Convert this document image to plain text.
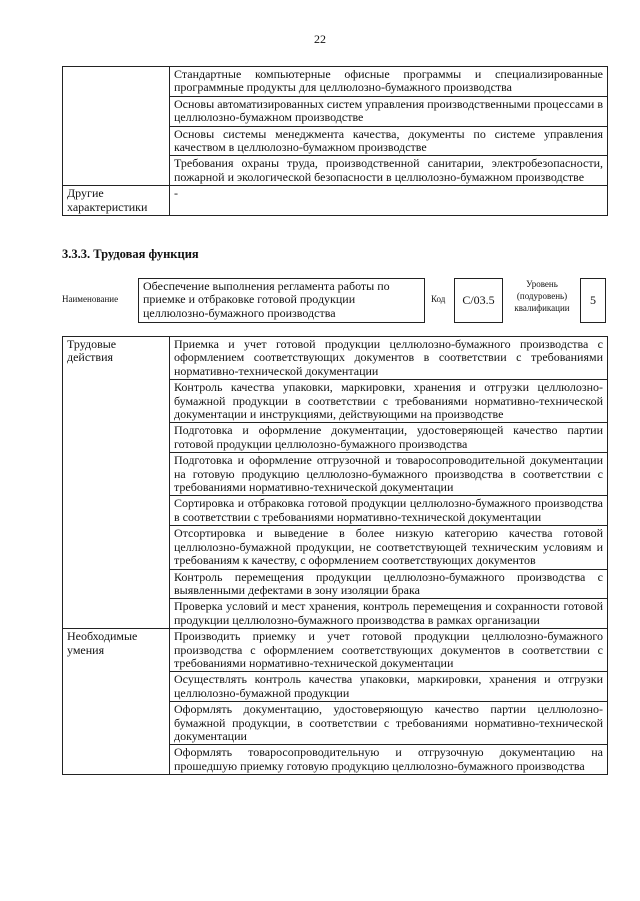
22
	Стандартные компьютерные офисные программы и специализированные программные продукты для целлюлозно-бумажного производства
	Основы автоматизированных систем управления производственными процессами в целлюлозно-бумажном производстве
	Основы системы менеджмента качества, документы по системе управления качеством в целлюлозно-бумажном производстве
	Требования охраны труда, производственной санитарии, электробезопасности, пожарной и экологической безопасности в целлюлозно-бумажном производстве
Другие характеристики	-
3.3.3. Трудовая функция
Наименование
Обеспечение выполнения регламента работы по приемке и отбраковке готовой продукции целлюлозно-бумажного производства
Код	С/03.5
Уровень (подуровень) квалификации
5
Трудовые действия	Приемка и учет готовой продукции целлюлозно-бумажного производства с оформлением соответствующих документов в соответствии с требованиями нормативно-технической документации
	Контроль качества упаковки, маркировки, хранения и отгрузки целлюлозно-бумажной продукции в соответствии с требованиями нормативно-технической документации и инструкциями, действующими на производстве
	Подготовка и оформление документации, удостоверяющей качество партии готовой продукции целлюлозно-бумажного производства
	Подготовка и оформление отгрузочной и товаросопроводительной документации на готовую продукцию целлюлозно-бумажного производства в соответствии с требованиями нормативно-технической документации
	Сортировка и отбраковка готовой продукции целлюлозно-бумажного производства в соответствии с требованиями нормативно-технической документации
	Отсортировка и выведение в более низкую категорию качества готовой целлюлозно-бумажной продукции, не соответствующей техническим условиям и требованиям к качеству, с оформлением соответствующих документов
	Контроль перемещения продукции целлюлозно-бумажного производства с выявленными дефектами в зону изоляции брака
	Проверка условий и мест хранения, контроль перемещения и сохранности готовой продукции целлюлозно-бумажного производства в рамках организации
Необходимые умения	Производить приемку и учет готовой продукции целлюлозно-бумажного производства с оформлением соответствующих документов в соответствии с требованиями нормативно-технической документации
	Осуществлять контроль качества упаковки, маркировки, хранения и отгрузки целлюлозно-бумажной продукции
	Оформлять документацию, удостоверяющую качество партии целлюлозно-бумажной продукции, в соответствии с требованиями нормативно-технической документации
	Оформлять товаросопроводительную и отгрузочную документацию на прошедшую приемку готовую продукцию целлюлозно-бумажного производства
